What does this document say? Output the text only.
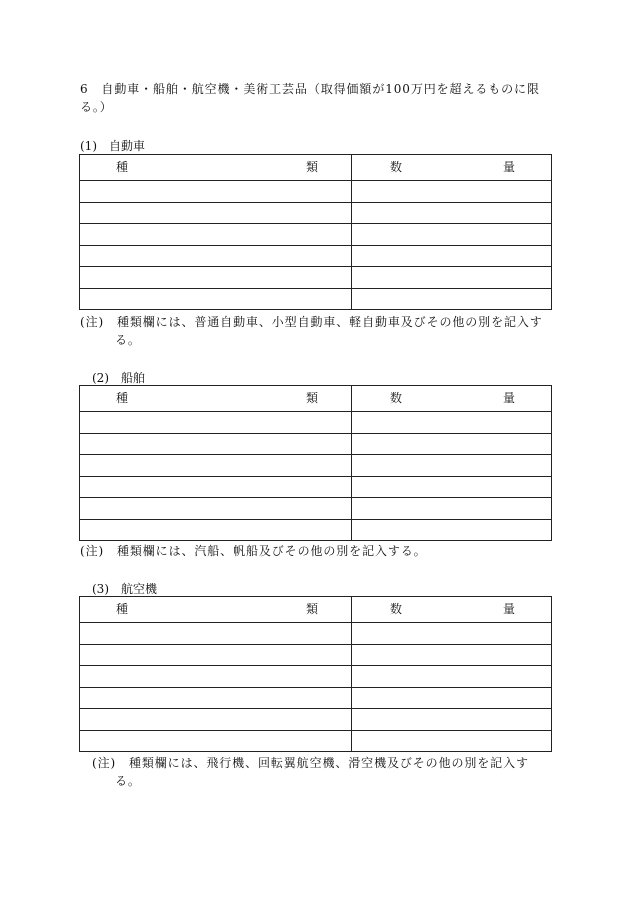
6　自動車・船舶・航空機・美術工芸品（取得価額が100万円を超えるものに限

る。）

(1)　自動車

種 類	数 量

(注)　種類欄には、普通自動車、小型自動車、軽自動車及びその他の別を記入す

る。

(2)　船舶

種 類	数 量

(注)　種類欄には、汽船、帆船及びその他の別を記入する。

(3)　航空機

種 類	数 量

(注)　種類欄には、飛行機、回転翼航空機、滑空機及びその他の別を記入す

る。
